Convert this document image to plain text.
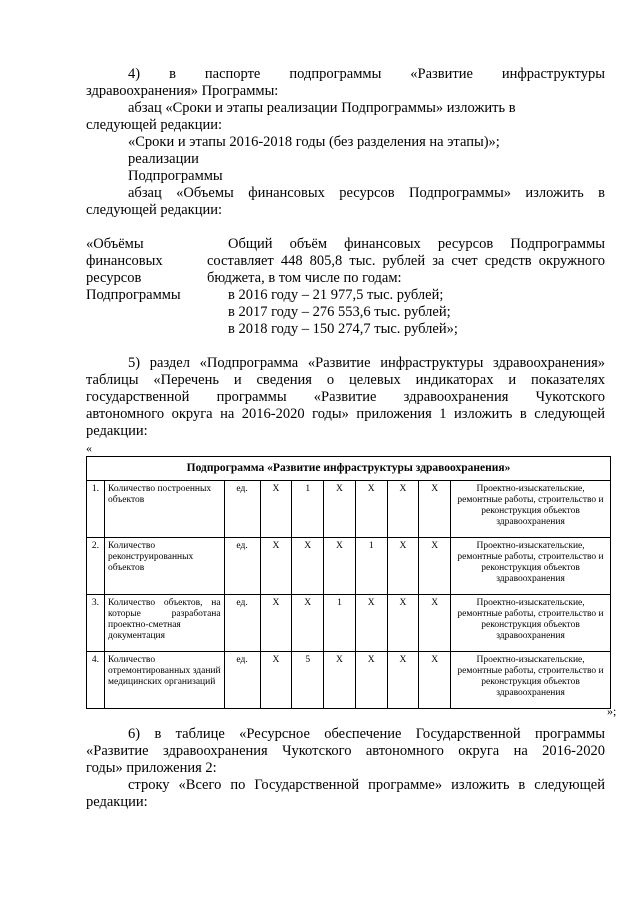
4) в паспорте подпрограммы «Развитие инфраструктуры
здравоохранения» Программы:
абзац «Сроки и этапы реализации Подпрограммы» изложить в
следующей редакции:
«Сроки и этапы 2016-2018 годы (без разделения на этапы)»;
реализации
Подпрограммы
абзац «Объемы финансовых ресурсов Подпрограммы» изложить в
следующей редакции:
«Объёмы
финансовых
ресурсов
Подпрограммы
Общий объём финансовых ресурсов Подпрограммы
составляет 448 805,8 тыс. рублей за счет средств окружного
бюджета, в том числе по годам:
в 2016 году – 21 977,5 тыс. рублей;
в 2017 году – 276 553,6 тыс. рублей;
в 2018 году – 150 274,7 тыс. рублей»;
5) раздел «Подпрограмма «Развитие инфраструктуры здравоохранения»
таблицы «Перечень и сведения о целевых индикаторах и показателях
государственной программы «Развитие здравоохранения Чукотского
автономного округа на 2016-2020 годы» приложения 1 изложить в следующей
редакции:
«
Подпрограмма «Развитие инфраструктуры здравоохранения»									
1.	Количество построенных объектов	ед.	Х	1	Х	Х	Х	Х	Проектно-изыскательские, ремонтные работы, строительство и реконструкция объектов здравоохранения
2.	Количество реконструированных объектов	ед.	Х	Х	Х	1	Х	Х	Проектно-изыскательские, ремонтные работы, строительство и реконструкция объектов здравоохранения
3.	Количество объектов, на которые разработана проектно-сметная документация	ед.	Х	Х	1	Х	Х	Х	Проектно-изыскательские, ремонтные работы, строительство и реконструкция объектов здравоохранения
4.	Количество отремонтированных зданий медицинских организаций	ед.	Х	5	Х	Х	Х	Х	Проектно-изыскательские, ремонтные работы, строительство и реконструкция объектов здравоохранения
»;
6) в таблице «Ресурсное обеспечение Государственной программы
«Развитие здравоохранения Чукотского автономного округа на 2016-2020
годы» приложения 2:
строку «Всего по Государственной программе» изложить в следующей
редакции:
